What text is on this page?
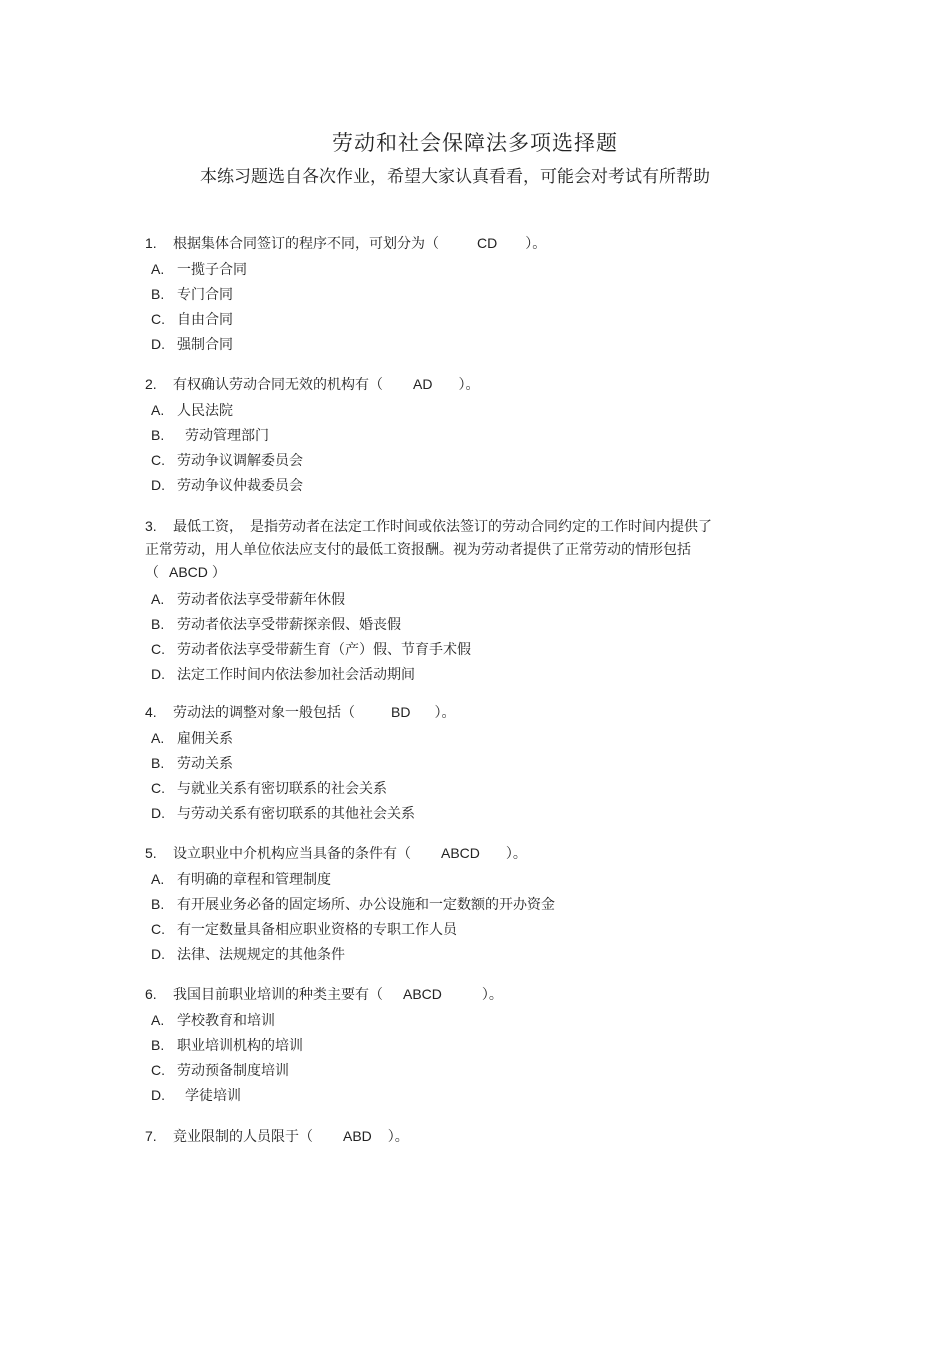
劳动和社会保障法多项选择题
本练习题选自各次作业，希望大家认真看看，可能会对考试有所帮助
1. 根据集体合同签订的程序不同，可划分为（	CD ）。
A. 一揽子合同
B. 专门合同
C. 自由合同
D. 强制合同
2. 有权确认劳动合同无效的机构有（ AD ）。
A. 人民法院
B. 劳动管理部门
C. 劳动争议调解委员会
D. 劳动争议仲裁委员会
3. 最低工资，　是指劳动者在法定工作时间或依法签订的劳动合同约定的工作时间内提供了
正常劳动，用人单位依法应支付的最低工资报酬。视为劳动者提供了正常劳动的情形包括
（ ABCD ）
A. 劳动者依法享受带薪年休假
B. 劳动者依法享受带薪探亲假、婚丧假
C. 劳动者依法享受带薪生育（产）假、节育手术假
D. 法定工作时间内依法参加社会活动期间
4. 劳动法的调整对象一般包括（	BD ）。
A. 雇佣关系
B. 劳动关系
C. 与就业关系有密切联系的社会关系
D. 与劳动关系有密切联系的其他社会关系
5. 设立职业中介机构应当具备的条件有（ ABCD ）。
A. 有明确的章程和管理制度
B. 有开展业务必备的固定场所、办公设施和一定数额的开办资金
C. 有一定数量具备相应职业资格的专职工作人员
D. 法律、法规规定的其他条件
6. 我国目前职业培训的种类主要有（ ABCD	）。
A. 学校教育和培训
B. 职业培训机构的培训
C. 劳动预备制度培训
D. 学徒培训
7. 竞业限制的人员限于（ ABD ）。
